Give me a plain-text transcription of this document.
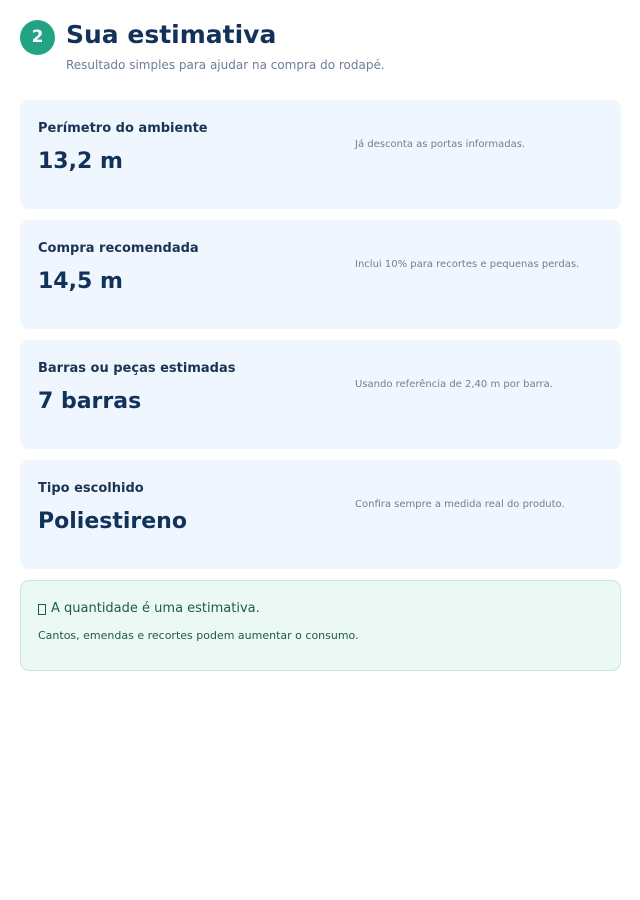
2 Sua estimativa

Resultado simples para ajudar na compra do rodapé.

Perímetro do ambiente
13,2 m
Já desconta as portas informadas.
Compra recomendada
14,5 m
Inclui 10% para recortes e pequenas perdas.
Barras ou peças estimadas
7 barras
Usando referência de 2,40 m por barra.
Tipo escolhido
Poliestireno
Confira sempre a medida real do produto.
A quantidade é uma estimativa.
Cantos, emendas e recortes podem aumentar o consumo.
